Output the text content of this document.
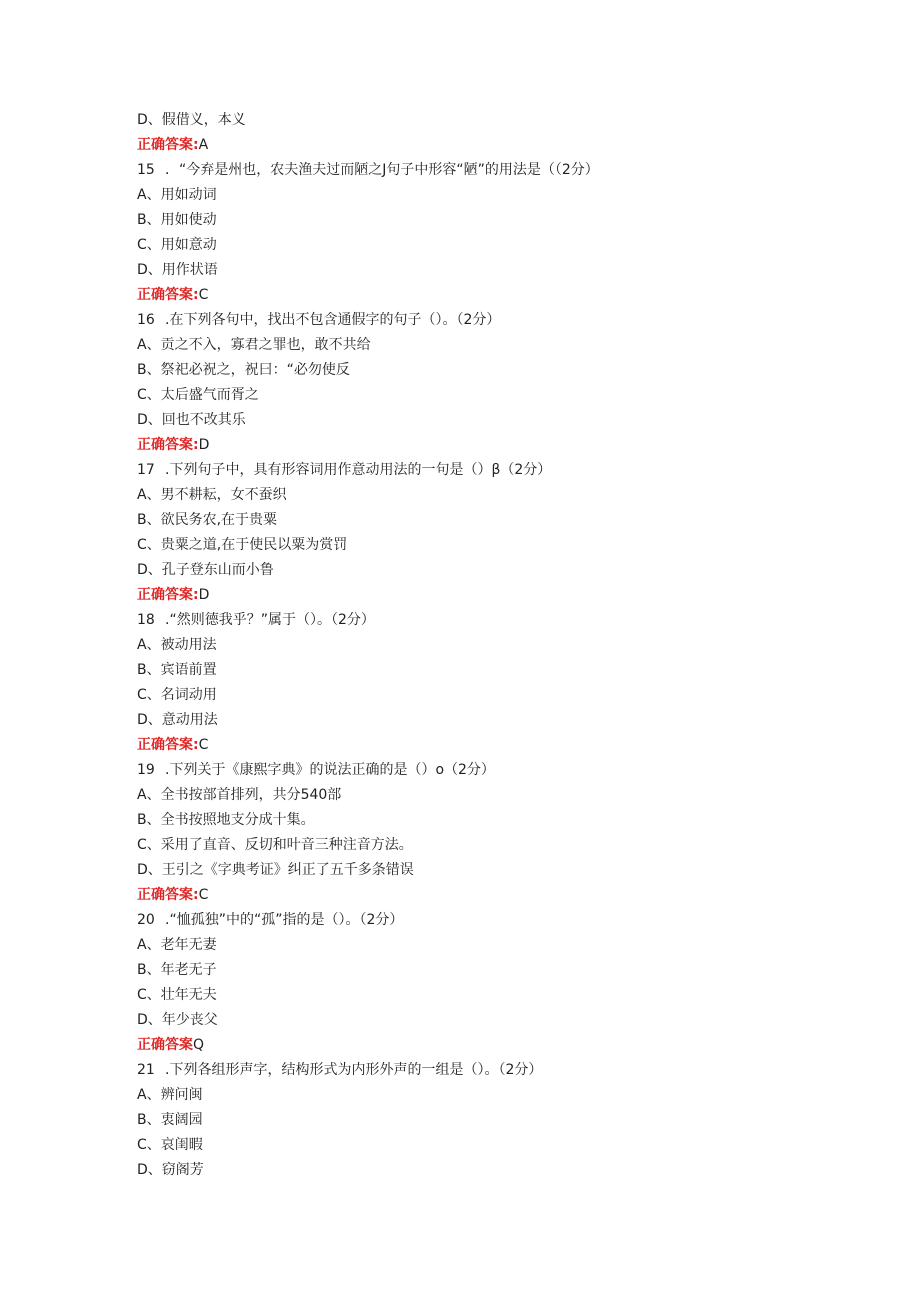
D、假借义，本义
正确答案:A
15 ．“今弃是州也，农夫渔夫过而陋之J句子中形容“陋”的用法是（（2分）
A、用如动词
B、用如使动
C、用如意动
D、用作状语
正确答案:C
16 .在下列各句中，找出不包含通假字的句子（）。（2分）
A、贡之不入，寡君之罪也，敢不共给
B、祭祀必祝之，祝曰：“必勿使反
C、太后盛气而胥之
D、回也不改其乐
正确答案:D
17 .下列句子中，具有形容词用作意动用法的一句是（）β（2分）
A、男不耕耘，女不蚕织
B、欲民务农,在于贵粟
C、贵粟之道,在于使民以粟为赏罚
D、孔子登东山而小鲁
正确答案:D
18 .“然则德我乎？”属于（）。（2分）
A、被动用法
B、宾语前置
C、名词动用
D、意动用法
正确答案:C
19 .下列关于《康熙字典》的说法正确的是（）o（2分）
A、全书按部首排列，共分540部
B、全书按照地支分成十集。
C、采用了直音、反切和叶音三种注音方法。
D、王引之《字典考证》纠正了五千多条错误
正确答案:C
20 .“恤孤独”中的“孤”指的是（）。（2分）
A、老年无妻
B、年老无子
C、壮年无夫
D、年少丧父
正确答案Q
21 .下列各组形声字，结构形式为内形外声的一组是（）。（2分）
A、辨问闽
B、衷阔园
C、哀闺暇
D、窃阁芳
